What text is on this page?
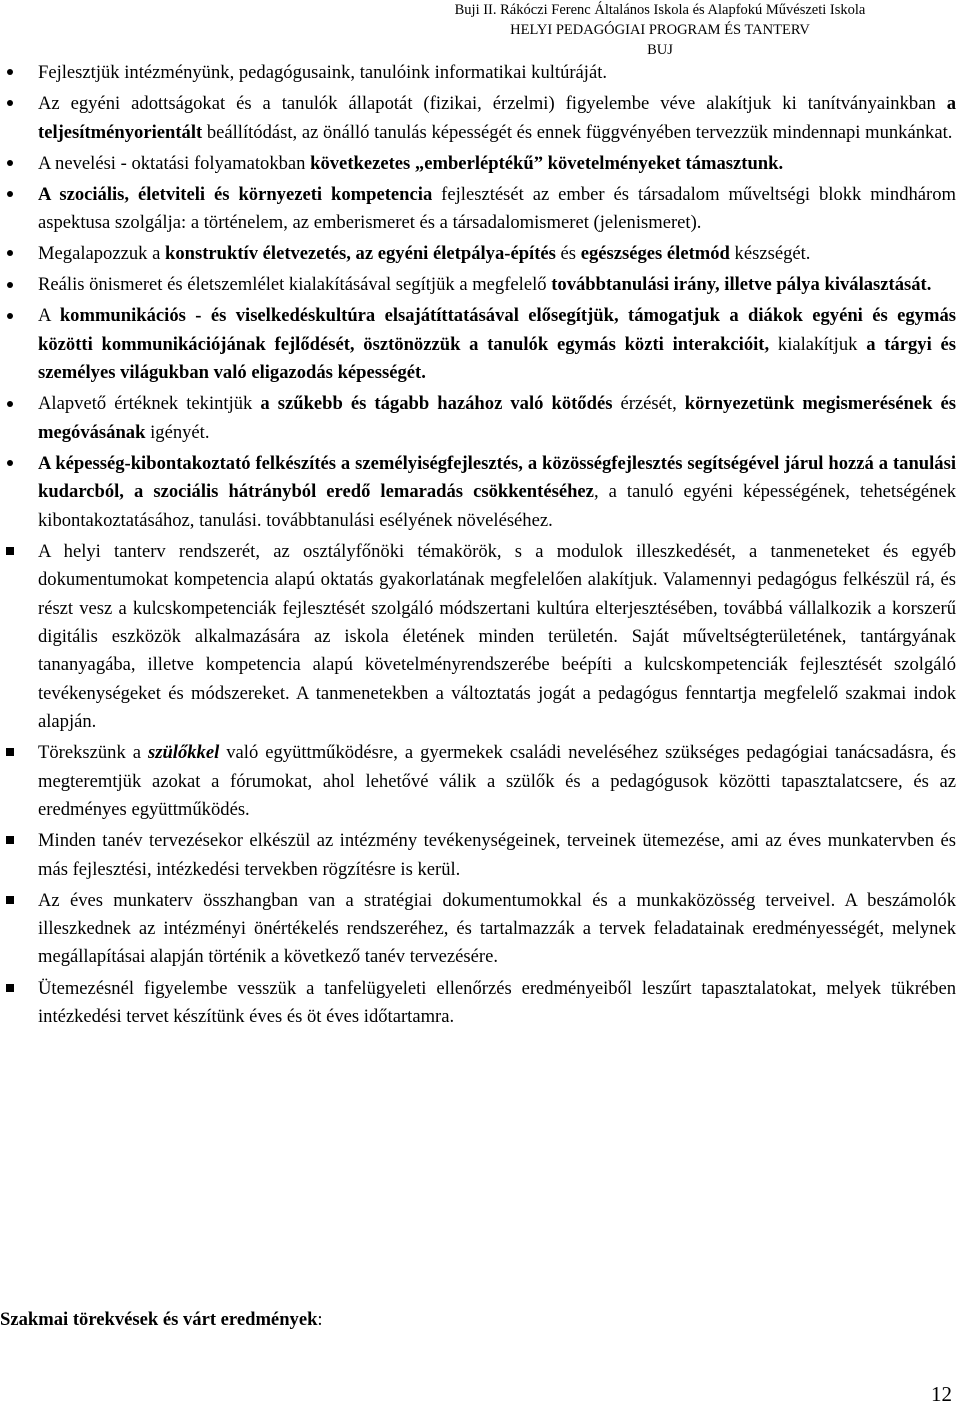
Buji II. Rákóczi Ferenc Általános Iskola és Alapfokú Művészeti Iskola
HELYI PEDAGÓGIAI PROGRAM ÉS TANTERV
BUJ
Fejlesztjük intézményünk, pedagógusaink, tanulóink informatikai kultúráját.
Az egyéni adottságokat és a tanulók állapotát (fizikai, érzelmi) figyelembe véve alakítjuk ki tanítványainkban a teljesítményorientált beállítódást, az önálló tanulás képességét és ennek függvényében tervezzük mindennapi munkánkat.
A nevelési - oktatási folyamatokban következetes „emberléptékű” követelményeket támasztunk.
A szociális, életviteli és környezeti kompetencia fejlesztését az ember és társadalom műveltségi blokk mindhárom aspektusa szolgálja: a történelem, az emberismeret és a társadalomismeret (jelenismeret).
Megalapozzuk a konstruktív életvezetés, az egyéni életpálya-építés és egészséges életmód készségét.
Reális önismeret és életszemlélet kialakításával segítjük a megfelelő továbbtanulási irány, illetve pálya kiválasztását.
A kommunikációs - és viselkedéskultúra elsajátíttatásával elősegítjük, támogatjuk a diákok egyéni és egymás közötti kommunikációjának fejlődését, ösztönözzük a tanulók egymás közti interakcióit, kialakítjuk a tárgyi és személyes világukban való eligazodás képességét.
Alapvető értéknek tekintjük a szűkebb és tágabb hazához való kötődés érzését, környezetünk megismerésének és megóvásának igényét.
A képesség-kibontakoztató felkészítés a személyiségfejlesztés, a közösségfejlesztés segítségével járul hozzá a tanulási kudarcból, a szociális hátrányból eredő lemaradás csökkentéséhez, a tanuló egyéni képességének, tehetségének kibontakoztatásához, tanulási. továbbtanulási esélyének növeléséhez.
A helyi tanterv rendszerét, az osztályfőnöki témakörök, s a modulok illeszkedését, a tanmeneteket és egyéb dokumentumokat kompetencia alapú oktatás gyakorlatának megfelelően alakítjuk. Valamennyi pedagógus felkészül rá, és részt vesz a kulcskompetenciák fejlesztését szolgáló módszertani kultúra elterjesztésében, továbbá vállalkozik a korszerű digitális eszközök alkalmazására az iskola életének minden területén. Saját műveltségterületének, tantárgyának tananyagába, illetve kompetencia alapú követelményrendszerébe beépíti a kulcskompetenciák fejlesztését szolgáló tevékenységeket és módszereket. A tanmenetekben a változtatás jogát a pedagógus fenntartja megfelelő szakmai indok alapján.
Törekszünk a szülőkkel való együttműködésre, a gyermekek családi neveléséhez szükséges pedagógiai tanácsadásra, és megteremtjük azokat a fórumokat, ahol lehetővé válik a szülők és a pedagógusok közötti tapasztalatcsere, és az eredményes együttműködés.
Minden tanév tervezésekor elkészül az intézmény tevékenységeinek, terveinek ütemezése, ami az éves munkatervben és más fejlesztési, intézkedési tervekben rögzítésre is kerül.
Az éves munkaterv összhangban van a stratégiai dokumentumokkal és a munkaközösség terveivel. A beszámolók illeszkednek az intézményi önértékelés rendszeréhez, és tartalmazzák a tervek feladatainak eredményességét, melynek megállapításai alapján történik a következő tanév tervezésére.
Ütemezésnél figyelembe vesszük a tanfelügyeleti ellenőrzés eredményeiből leszűrt tapasztalatokat, melyek tükrében intézkedési tervet készítünk éves és öt éves időtartamra.
Szakmai törekvések és várt eredmények:
12
